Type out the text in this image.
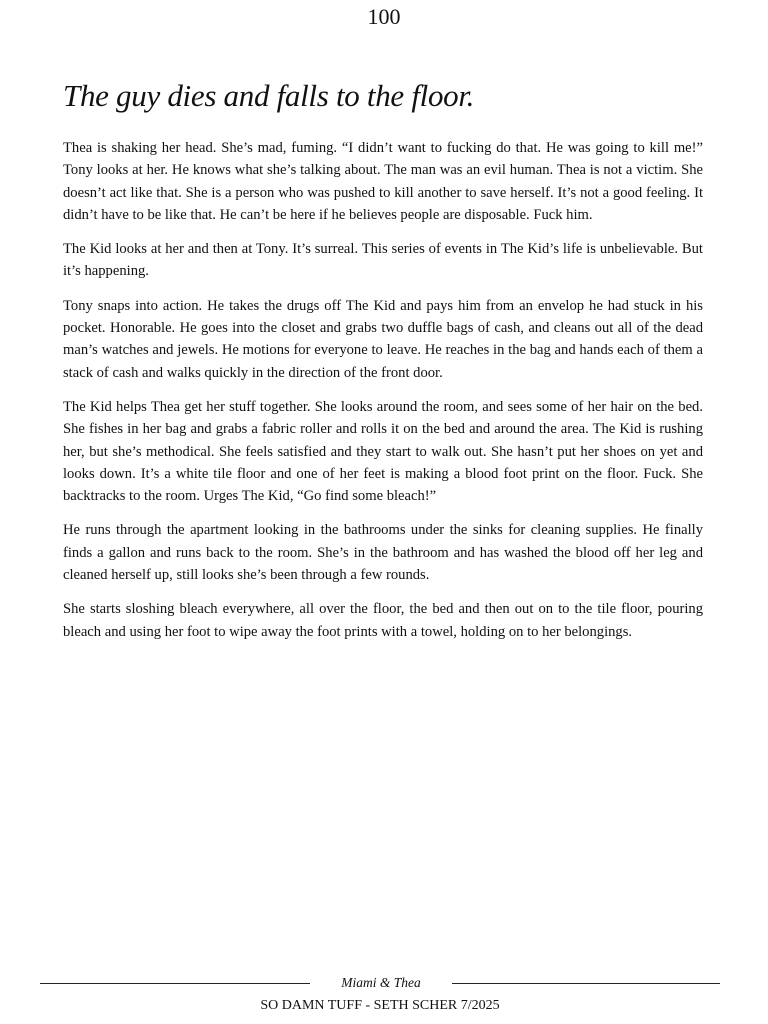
100
The guy dies and falls to the floor.

Thea is shaking her head. She’s mad, fuming. “I didn’t want to fucking do that. He was going to kill me!” Tony looks at her. He knows what she’s talking about. The man was an evil human. Thea is not a victim. She doesn’t act like that. She is a person who was pushed to kill another to save herself. It’s not a good feeling. It didn’t have to be like that. He can’t be here if he believes people are disposable. Fuck him.

The Kid looks at her and then at Tony. It’s surreal. This series of events in The Kid’s life is unbelievable. But it’s happening.

Tony snaps into action. He takes the drugs off The Kid and pays him from an envelop he had stuck in his pocket. Honorable. He goes into the closet and grabs two duffle bags of cash, and cleans out all of the dead man’s watches and jewels. He motions for everyone to leave. He reaches in the bag and hands each of them a stack of cash and walks quickly in the direction of the front door.

The Kid helps Thea get her stuff together. She looks around the room, and sees some of her hair on the bed. She fishes in her bag and grabs a fabric roller and rolls it on the bed and around the area. The Kid is rushing her, but she’s methodical. She feels satisfied and they start to walk out. She hasn’t put her shoes on yet and looks down. It’s a white tile floor and one of her feet is making a blood foot print on the floor. Fuck. She backtracks to the room. Urges The Kid, “Go find some bleach!”

He runs through the apartment looking in the bathrooms under the sinks for cleaning supplies. He finally finds a gallon and runs back to the room. She’s in the bathroom and has washed the blood off her leg and cleaned herself up, still looks she’s been through a few rounds.

She starts sloshing bleach everywhere, all over the floor, the bed and then out on to the tile floor, pouring bleach and using her foot to wipe away the foot prints with a towel, holding on to her belongings.

Miami & Thea
SO DAMN TUFF - SETH SCHER 7/2025
